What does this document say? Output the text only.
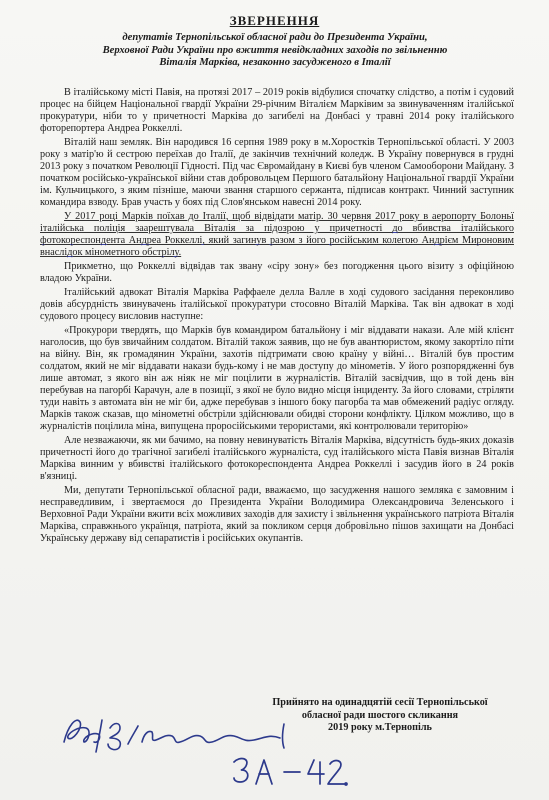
ЗВЕРНЕННЯ
депутатів Тернопільської обласної ради до Президента України,
Верховної Ради України про вжиття невідкладних заходів по звільненню
Віталія Марківа, незаконно засудженого в Італії

В італійському місті Павія, на протязі 2017 – 2019 років відбулися спочатку слідство, а потім і судовий процес на бійцем Національної гвардії України 29-річним Віталієм Марківим за звинуваченням італійської прокуратури, ніби то у причетності Марківа до загибелі на Донбасі у травні 2014 року італійського фоторепортера Андреа Роккеллі.

Віталій наш земляк. Він народився 16 серпня 1989 року в м.Хоростків Тернопільської області. У 2003 року з матір'ю й сестрою переїхав до Італії, де закінчив технічний коледж. В Україну повернувся в грудні 2013 року з початком Революції Гідності. Під час Євромайдану в Києві був членом Самооборони Майдану. З початком російсько-української війни став добровольцем Першого батальйону Національної гвардії України ім. Кульчицького, з яким пізніше, маючи звання старшого сержанта, підписав контракт. Чинний заступник командира взводу. Брав участь у боях під Слов'янськом навесні 2014 року.

У 2017 році Марків поїхав до Італії, щоб відвідати матір. 30 червня 2017 року в аеропорту Болоньї італійська поліція заарештувала Віталія за підозрою у причетності до вбивства італійського фотокореспондента Андреа Роккеллі, який загинув разом з його російським колегою Андрієм Мироновим внаслідок мінометного обстрілу.

Прикметно, що Роккеллі відвідав так звану «сіру зону» без погодження цього візиту з офіційною владою України.

Італійський адвокат Віталія Марківа Раффаеле делла Валле в ході судового засідання переконливо довів абсурдність звинувачень італійської прокуратури стосовно Віталій Марківа. Так він адвокат в ході судового процесу висловив наступне:

«Прокурори твердять, що Марків був командиром батальйону і міг віддавати накази. Але мій клієнт наголосив, що був звичайним солдатом. Віталій також заявив, що не був авантюристом, якому закортіло піти на війну. Він, як громадянин України, захотів підтримати свою країну у війні… Віталій був простим солдатом, який не міг віддавати накази будь-кому і не мав доступу до мінометів. У його розпорядженні був лише автомат, з якого він аж ніяк не міг поцілити в журналістів. Віталій засвідчив, що в той день він перебував на пагорбі Карачун, але в позиції, з якої не було видно місця інциденту. За його словами, стріляти туди навіть з автомата він не міг би, адже перебував з іншого боку пагорба та мав обмежений радіус огляду. Марків також сказав, що мінометні обстріли здійснювали обидві сторони конфлікту. Цілком можливо, що в журналістів поцілила міна, випущена проросійськими терористами, які контролювали територію»

Але незважаючи, як ми бачимо, на повну невинуватість Віталія Марківа, відсутність будь-яких доказів причетності його до трагічної загибелі італійського журналіста, суд італійського міста Павія визнав Віталія Марківа винним у вбивстві італійського фотокореспондента Андреа Роккеллі і засудив його в 24 років в'язниці.

Ми, депутати Тернопільської обласної ради, вважаємо, що засудження нашого земляка є замовним і несправедливим, і звертаємося до Президента України Володимира Олександровича Зеленського і Верховної Ради України вжити всіх можливих заходів для захисту і звільнення українського патріота Віталія Марківа, справжнього українця, патріота, який за покликом серця добровільно пішов захищати на Донбасі Українську державу від сепаратистів і російських окупантів.

Прийнято на одинадцятій сесії Тернопільської
обласної ради шостого скликання
2019 року м.Тернопіль
